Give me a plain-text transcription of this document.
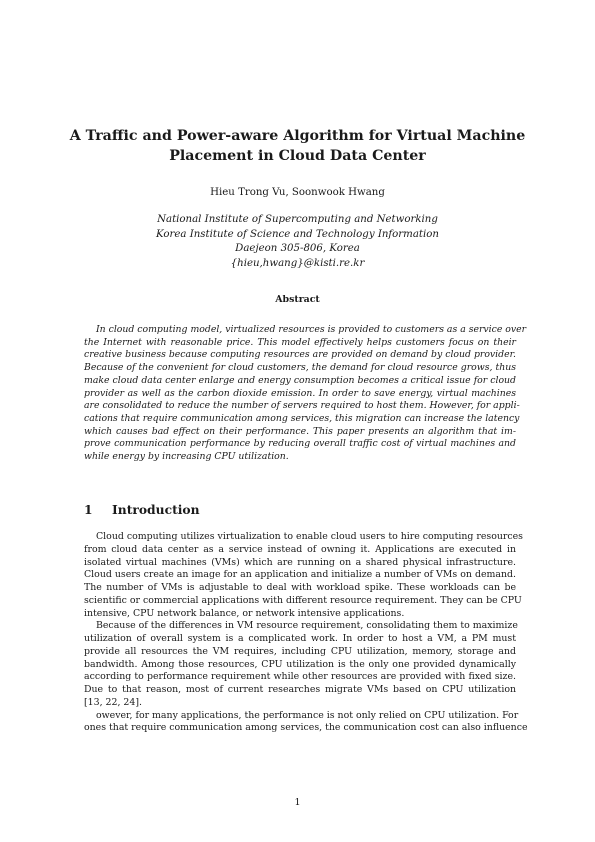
A Traffic and Power-aware Algorithm for Virtual Machine
Placement in Cloud Data Center
Hieu Trong Vu, Soonwook Hwang
National Institute of Supercomputing and Networking
Korea Institute of Science and Technology Information
Daejeon 305-806, Korea
{hieu,hwang}@kisti.re.kr
Abstract
In cloud computing model, virtualized resources is provided to customers as a service over
the Internet with reasonable price. This model effectively helps customers focus on their
creative business because computing resources are provided on demand by cloud provider.
Because of the convenient for cloud customers, the demand for cloud resource grows, thus
make cloud data center enlarge and energy consumption becomes a critical issue for cloud
provider as well as the carbon dioxide emission. In order to save energy, virtual machines
are consolidated to reduce the number of servers required to host them. However, for appli-
cations that require communication among services, this migration can increase the latency
which causes bad effect on their performance. This paper presents an algorithm that im-
prove communication performance by reducing overall traffic cost of virtual machines and
while energy by increasing CPU utilization.
1 Introduction
Cloud computing utilizes virtualization to enable cloud users to hire computing resources
from cloud data center as a service instead of owning it. Applications are executed in
isolated virtual machines (VMs) which are running on a shared physical infrastructure.
Cloud users create an image for an application and initialize a number of VMs on demand.
The number of VMs is adjustable to deal with workload spike. These workloads can be
scientific or commercial applications with different resource requirement. They can be CPU
intensive, CPU network balance, or network intensive applications.
Because of the differences in VM resource requirement, consolidating them to maximize
utilization of overall system is a complicated work. In order to host a VM, a PM must
provide all resources the VM requires, including CPU utilization, memory, storage and
bandwidth. Among those resources, CPU utilization is the only one provided dynamically
according to performance requirement while other resources are provided with fixed size.
Due to that reason, most of current researches migrate VMs based on CPU utilization
[13, 22, 24].
owever, for many applications, the performance is not only relied on CPU utilization. For
ones that require communication among services, the communication cost can also influence
1
